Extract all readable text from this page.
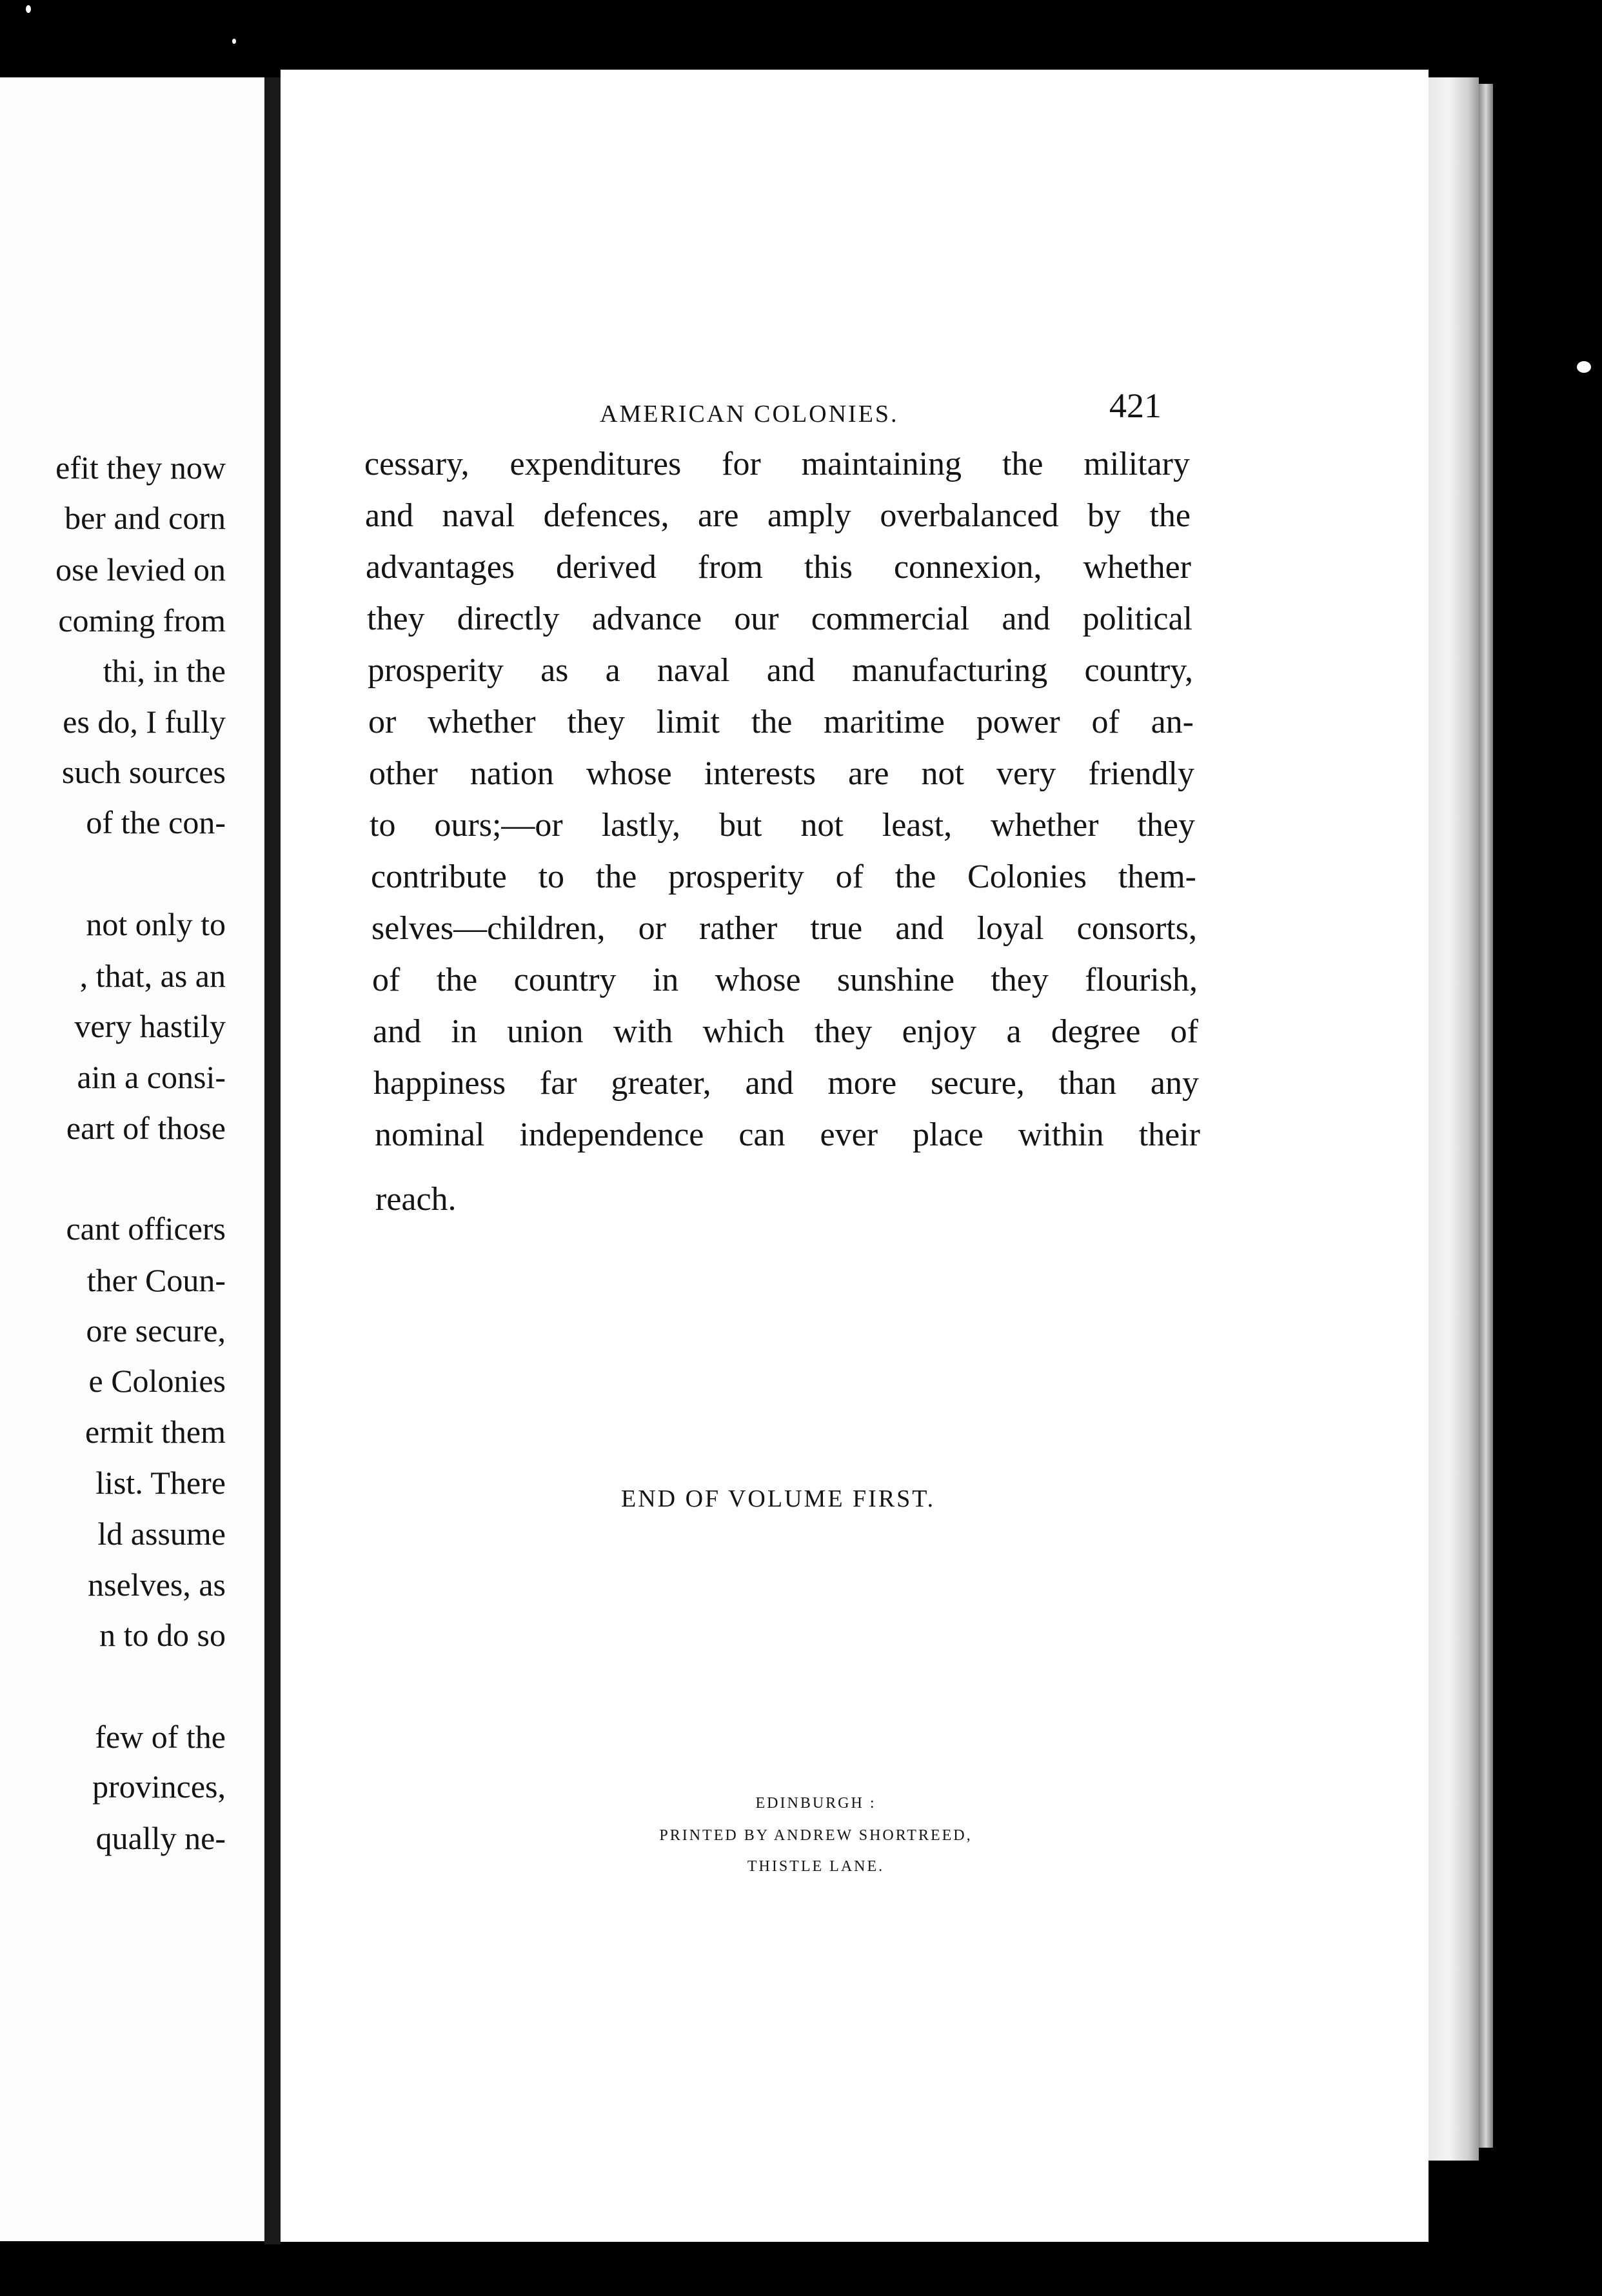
efit they now
ber and corn
ose levied on
coming from
thi, in the
es do, I fully
such sources
of the con-
not only to
, that, as an
very hastily
ain a consi-
eart of those
cant officers
ther Coun-
ore secure,
e Colonies
ermit them
list. There
ld assume
nselves, as
n to do so
few of the
provinces,
qually ne-
AMERICAN COLONIES.	421
cessary, expenditures for maintaining the military
and naval defences, are amply overbalanced by the
advantages derived from this connexion, whether
they directly advance our commercial and political
prosperity as a naval and manufacturing country,
or whether they limit the maritime power of an-
other nation whose interests are not very friendly
to ours;—or lastly, but not least, whether they
contribute to the prosperity of the Colonies them-
selves—children, or rather true and loyal consorts,
of the country in whose sunshine they flourish,
and in union with which they enjoy a degree of
happiness far greater, and more secure, than any
nominal independence can ever place within their
reach.
END OF VOLUME FIRST.
EDINBURGH :
PRINTED BY ANDREW SHORTREED,
THISTLE LANE.
